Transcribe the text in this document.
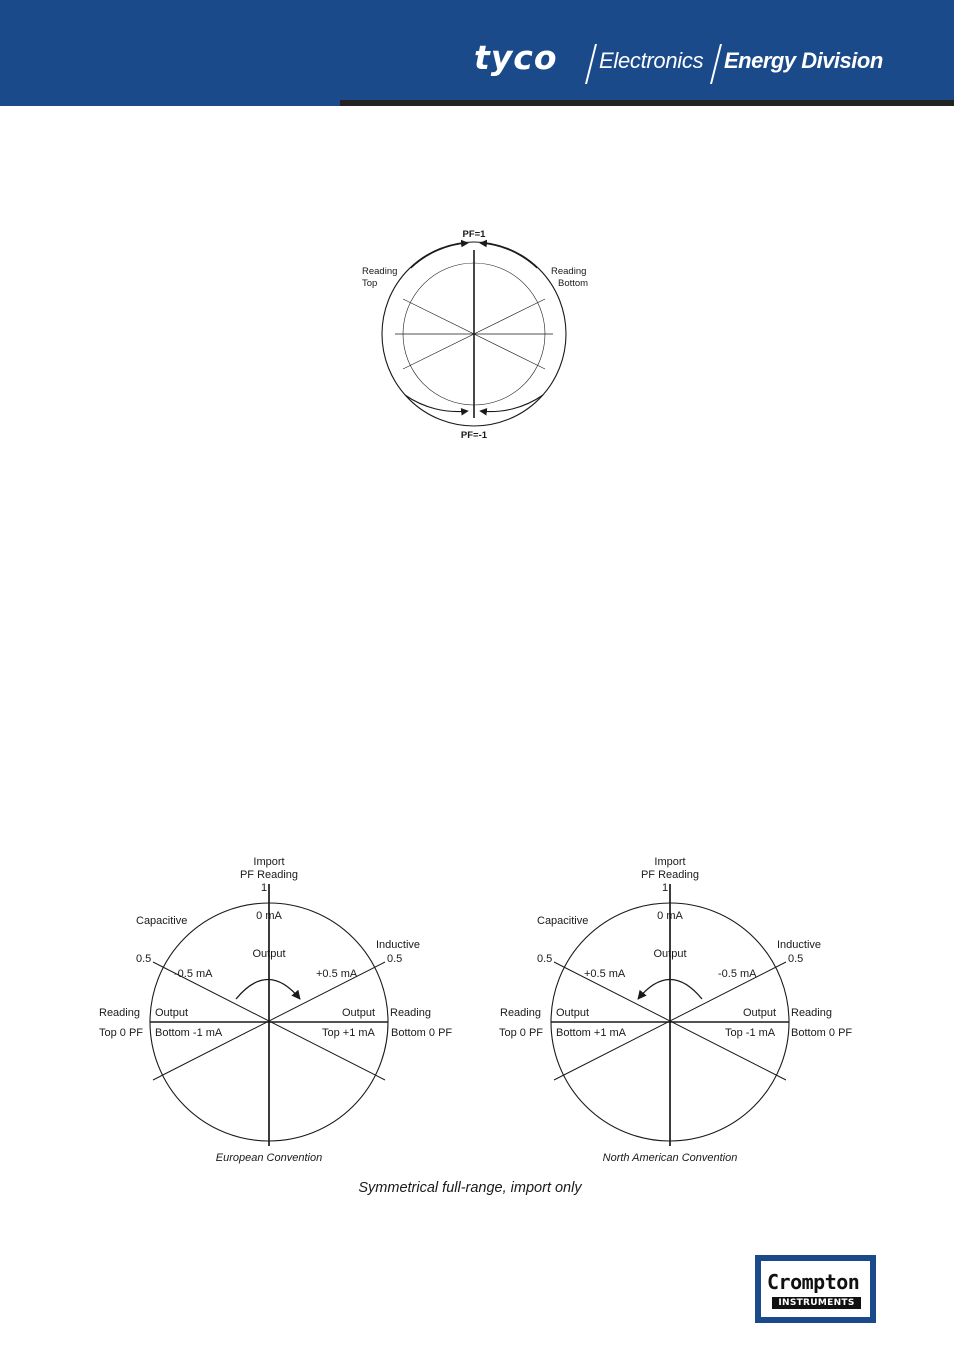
tyco Electronics Energy Division
PF=1
PF=-1
Reading
Top
Reading
Bottom
Import
PF Reading
1
0 mA
Output
Capacitive
Inductive
0.5	0.5
-0.5 mA	+0.5 mA
Reading Output	Output Reading
Top 0 PF Bottom -1 mA	Top +1 mA Bottom 0 PF
European Convention
Import
PF Reading
1
0 mA
Output
Capacitive
Inductive
0.5	0.5
+0.5 mA	-0.5 mA
Reading Output	Output Reading
Top 0 PF Bottom +1 mA	Top -1 mA Bottom 0 PF
North American Convention
Symmetrical full-range, import only
Crompton
INSTRUMENTS
